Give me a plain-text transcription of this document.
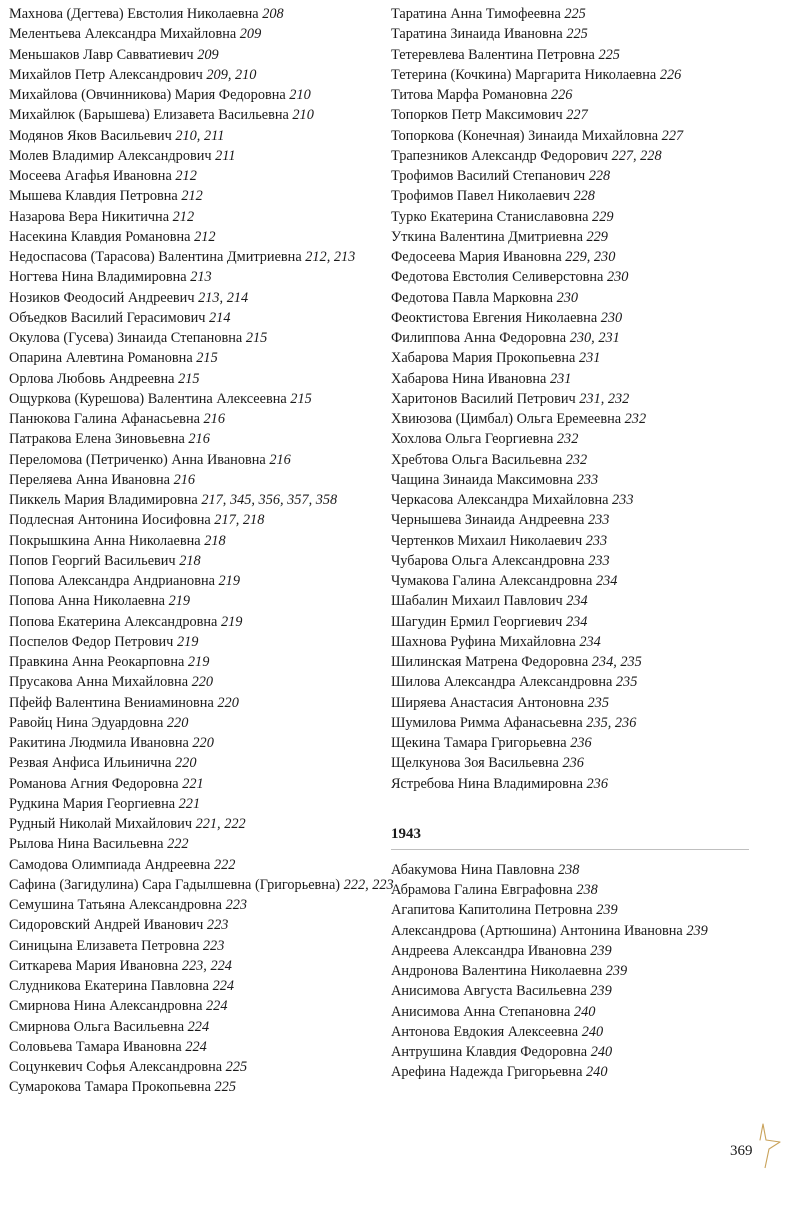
Махнова (Дегтева) Евстолия Николаевна 208
Мелентьева Александра Михайловна 209
Меньшаков Лавр Савватиевич 209
Михайлов Петр Александрович 209, 210
Михайлова (Овчинникова) Мария Федоровна 210
Михайлюк (Барышева) Елизавета Васильевна 210
Модянов Яков Васильевич 210, 211
Молев Владимир Александрович 211
Мосеева Агафья Ивановна 212
Мышева Клавдия Петровна 212
Назарова Вера Никитична 212
Насекина Клавдия Романовна 212
Недоспасова (Тарасова) Валентина Дмитриевна 212, 213
Ногтева Нина Владимировна 213
Нозиков Феодосий Андреевич 213, 214
Объедков Василий Герасимович 214
Окулова (Гусева) Зинаида Степановна 215
Опарина Алевтина Романовна 215
Орлова Любовь Андреевна 215
Ощуркова (Курешова) Валентина Алексеевна 215
Панюкова Галина Афанасьевна 216
Патракова Елена Зиновьевна 216
Переломова (Петриченко) Анна Ивановна 216
Переляева Анна Ивановна 216
Пиккель Мария Владимировна 217, 345, 356, 357, 358
Подлесная Антонина Иосифовна 217, 218
Покрышкина Анна Николаевна 218
Попов Георгий Васильевич 218
Попова Александра Андриановна 219
Попова Анна Николаевна 219
Попова Екатерина Александровна 219
Поспелов Федор Петрович 219
Правкина Анна Реокарповна 219
Прусакова Анна Михайловна 220
Пфейф Валентина Вениаминовна 220
Равойц Нина Эдуардовна 220
Ракитина Людмила Ивановна 220
Резвая Анфиса Ильинична 220
Романова Агния Федоровна 221
Рудкина Мария Георгиевна 221
Рудный Николай Михайлович 221, 222
Рылова Нина Васильевна 222
Самодова Олимпиада Андреевна 222
Сафина (Загидулина) Сара Гадылшевна (Григорьевна) 222, 223
Семушина Татьяна Александровна 223
Сидоровский Андрей Иванович 223
Синицына Елизавета Петровна 223
Ситкарева Мария Ивановна 223, 224
Слудникова Екатерина Павловна 224
Смирнова Нина Александровна 224
Смирнова Ольга Васильевна 224
Соловьева Тамара Ивановна 224
Соцункевич Софья Александровна 225
Сумарокова Тамара Прокопьевна 225
Таратина Анна Тимофеевна 225
Таратина Зинаида Ивановна 225
Тетеревлева Валентина Петровна 225
Тетерина (Кочкина) Маргарита Николаевна 226
Титова Марфа Романовна 226
Топорков Петр Максимович 227
Топоркова (Конечная) Зинаида Михайловна 227
Трапезников Александр Федорович 227, 228
Трофимов Василий Степанович 228
Трофимов Павел Николаевич 228
Турко Екатерина Станиславовна 229
Уткина Валентина Дмитриевна 229
Федосеева Мария Ивановна 229, 230
Федотова Евстолия Селиверстовна 230
Федотова Павла Марковна 230
Феоктистова Евгения Николаевна 230
Филиппова Анна Федоровна 230, 231
Хабарова Мария Прокопьевна 231
Хабарова Нина Ивановна 231
Харитонов Василий Петрович 231, 232
Хвиюзова (Цимбал) Ольга Еремеевна 232
Хохлова Ольга Георгиевна 232
Хребтова Ольга Васильевна 232
Чащина Зинаида Максимовна 233
Черкасова Александра Михайловна 233
Чернышева Зинаида Андреевна 233
Чертенков Михаил Николаевич 233
Чубарова Ольга Александровна 233
Чумакова Галина Александровна 234
Шабалин Михаил Павлович 234
Шагудин Ермил Георгиевич 234
Шахнова Руфина Михайловна 234
Шилинская Матрена Федоровна 234, 235
Шилова Александра Александровна 235
Ширяева Анастасия Антоновна 235
Шумилова Римма Афанасьевна 235, 236
Щекина Тамара Григорьевна 236
Щелкунова Зоя Васильевна 236
Ястребова Нина Владимировна 236
1943
Абакумова Нина Павловна 238
Абрамова Галина Евграфовна 238
Агапитова Капитолина Петровна 239
Александрова (Артюшина) Антонина Ивановна 239
Андреева Александра Ивановна 239
Андронова Валентина Николаевна 239
Анисимова Августа Васильевна 239
Анисимова Анна Степановна 240
Антонова Евдокия Алексеевна 240
Антрушина Клавдия Федоровна 240
Арефина Надежда Григорьевна 240
369
